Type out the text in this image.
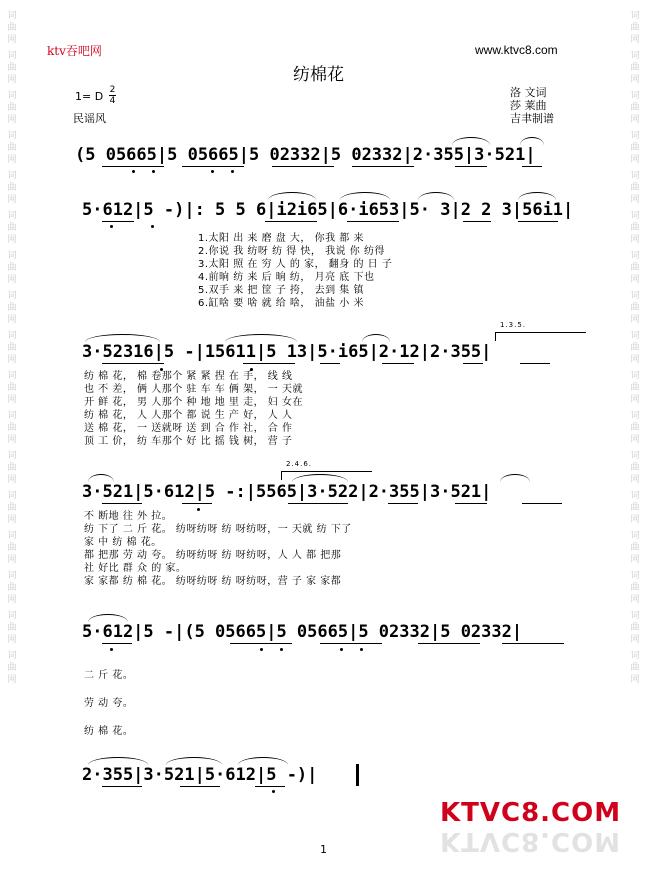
词曲网
词曲网
词曲网
词曲网
词曲网
词曲网
词曲网
词曲网
词曲网
词曲网
词曲网
词曲网
词曲网
词曲网
词曲网
词曲网
词曲网
词曲网
词曲网
词曲网
词曲网
词曲网
词曲网
词曲网
词曲网
词曲网
词曲网
词曲网
词曲网
词曲网
词曲网
词曲网
词曲网
词曲网
ktv吞吧网	www.ktvc8.com
纺棉花
1= D 2
4
民谣风
洛 文词
莎 莱曲
吉聿制谱
(5 05665|5 05665|5 02332|5 02332|2·355|3·521|
5·612|5 -)|: 5 5 6|i2i65|6·i653|5· 3|2 2 3|56i1|
1.太阳 出 来 磨 盘 大， 你我 都 来
2.你说 我 纺呀 纺 得 快， 我说 你 纺得
3.太阳 照 在 穷 人 的 家， 翻身 的 日 子
4.前晌 纺 来 后 晌 纺， 月亮 底 下也
5.双手 来 把 筐 子 挎， 去到 集 镇
6.缸啥 要 啥 就 给 啥， 油盐 小 米
1.3.5.
3·52316|5 -|15611|5 13|5·i65|2·12|2·355|
纺 棉 花， 棉 卷那个 紧 紧 捏 在 手， 线 线
也 不 差， 俩 人那个 驻 车 车 俩 架， 一 天就
开 鲜 花， 男 人那个 种 地 地 里 走， 妇 女在
纺 棉 花， 人 人那个 都 说 生 产 好， 人 人
送 棉 花， 一 送就呀 送 到 合 作 社， 合 作
顶 工 价， 纺 车那个 好 比 摇 钱 树， 营 子
2.4.6.
3·521|5·612|5 -:|5565|3·522|2·355|3·521|
不 断地 往 外 拉。
纺 下了 二 斤 花。 纺呀纺呀 纺 呀纺呀，一 天就 纺 下了
家 中 纺 棉 花。
都 把那 劳 动 夸。 纺呀纺呀 纺 呀纺呀，人 人 都 把那
社 好比 群 众 的 家。
家 家都 纺 棉 花。 纺呀纺呀 纺 呀纺呀，营 子 家 家都
5·612|5 -|(5 05665|5 05665|5 02332|5 02332|
二 斤 花。
劳 动 夸。
纺 棉 花。
2·355|3·521|5·612|5 -)|
1
KTVC8.COM
KTVC8.COM
